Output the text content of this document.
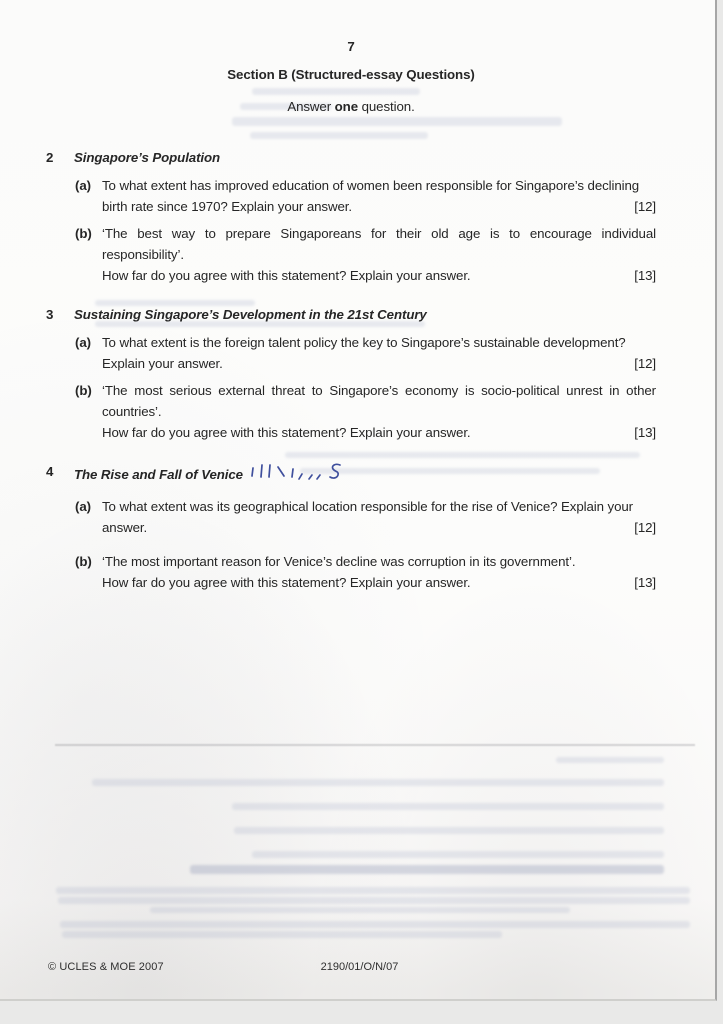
7
Section B (Structured-essay Questions)
Answer one question.
2 Singapore’s Population
(a) To what extent has improved education of women been responsible for Singapore’s declining
birth rate since 1970? Explain your answer.	[12]
(b) ‘The best way to prepare Singaporeans for their old age is to encourage individual
responsibility’.
How far do you agree with this statement? Explain your answer.	[13]
3 Sustaining Singapore’s Development in the 21st Century
(a) To what extent is the foreign talent policy the key to Singapore’s sustainable development?
Explain your answer.	[12]
(b) ‘The most serious external threat to Singapore’s economy is socio-political unrest in other
countries’.
How far do you agree with this statement? Explain your answer.	[13]
4 The Rise and Fall of Venice
(a) To what extent was its geographical location responsible for the rise of Venice? Explain your
answer.	[12]
(b) ‘The most important reason for Venice’s decline was corruption in its government’.
How far do you agree with this statement? Explain your answer.	[13]
© UCLES & MOE 2007	2190/01/O/N/07
